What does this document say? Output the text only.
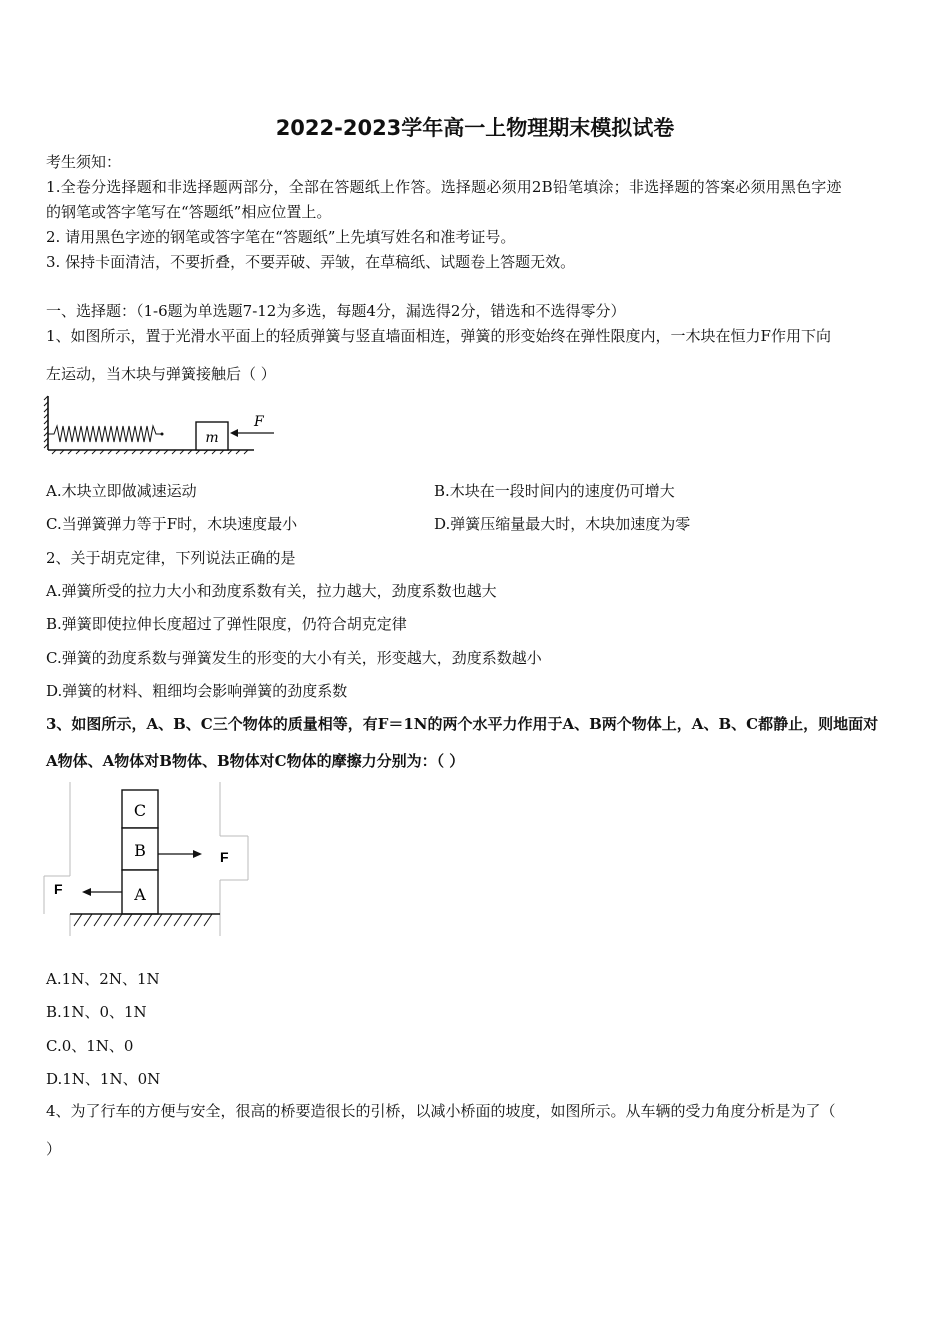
2022-2023学年高一上物理期末模拟试卷
考生须知：
1.全卷分选择题和非选择题两部分，全部在答题纸上作答。选择题必须用2B铅笔填涂；非选择题的答案必须用黑色字迹
的钢笔或答字笔写在“答题纸”相应位置上。
2. 请用黑色字迹的钢笔或答字笔在“答题纸”上先填写姓名和准考证号。
3. 保持卡面清洁，不要折叠，不要弄破、弄皱，在草稿纸、试题卷上答题无效。
一、选择题：（1-6题为单选题7-12为多选，每题4分，漏选得2分，错选和不选得零分）
1、如图所示，置于光滑水平面上的轻质弹簧与竖直墙面相连，弹簧的形变始终在弹性限度内，一木块在恒力F作用下向
左运动，当木块与弹簧接触后（ ）
m
F
A.木块立即做减速运动	B.木块在一段时间内的速度仍可增大
C.当弹簧弹力等于F时，木块速度最小	D.弹簧压缩量最大时，木块加速度为零
2、关于胡克定律，下列说法正确的是
A.弹簧所受的拉力大小和劲度系数有关，拉力越大，劲度系数也越大
B.弹簧即使拉伸长度超过了弹性限度，仍符合胡克定律
C.弹簧的劲度系数与弹簧发生的形变的大小有关，形变越大，劲度系数越小
D.弹簧的材料、粗细均会影响弹簧的劲度系数
3、如图所示，A、B、C三个物体的质量相等，有F＝1N的两个水平力作用于A、B两个物体上，A、B、C都静止，则地面对
A物体、A物体对B物体、B物体对C物体的摩擦力分别为：（ ）
C
B
A
F
F
A.1N、2N、1N
B.1N、0、1N
C.0、1N、0
D.1N、1N、0N
4、为了行车的方便与安全，很高的桥要造很长的引桥，以减小桥面的坡度，如图所示。从车辆的受力角度分析是为了（
）
